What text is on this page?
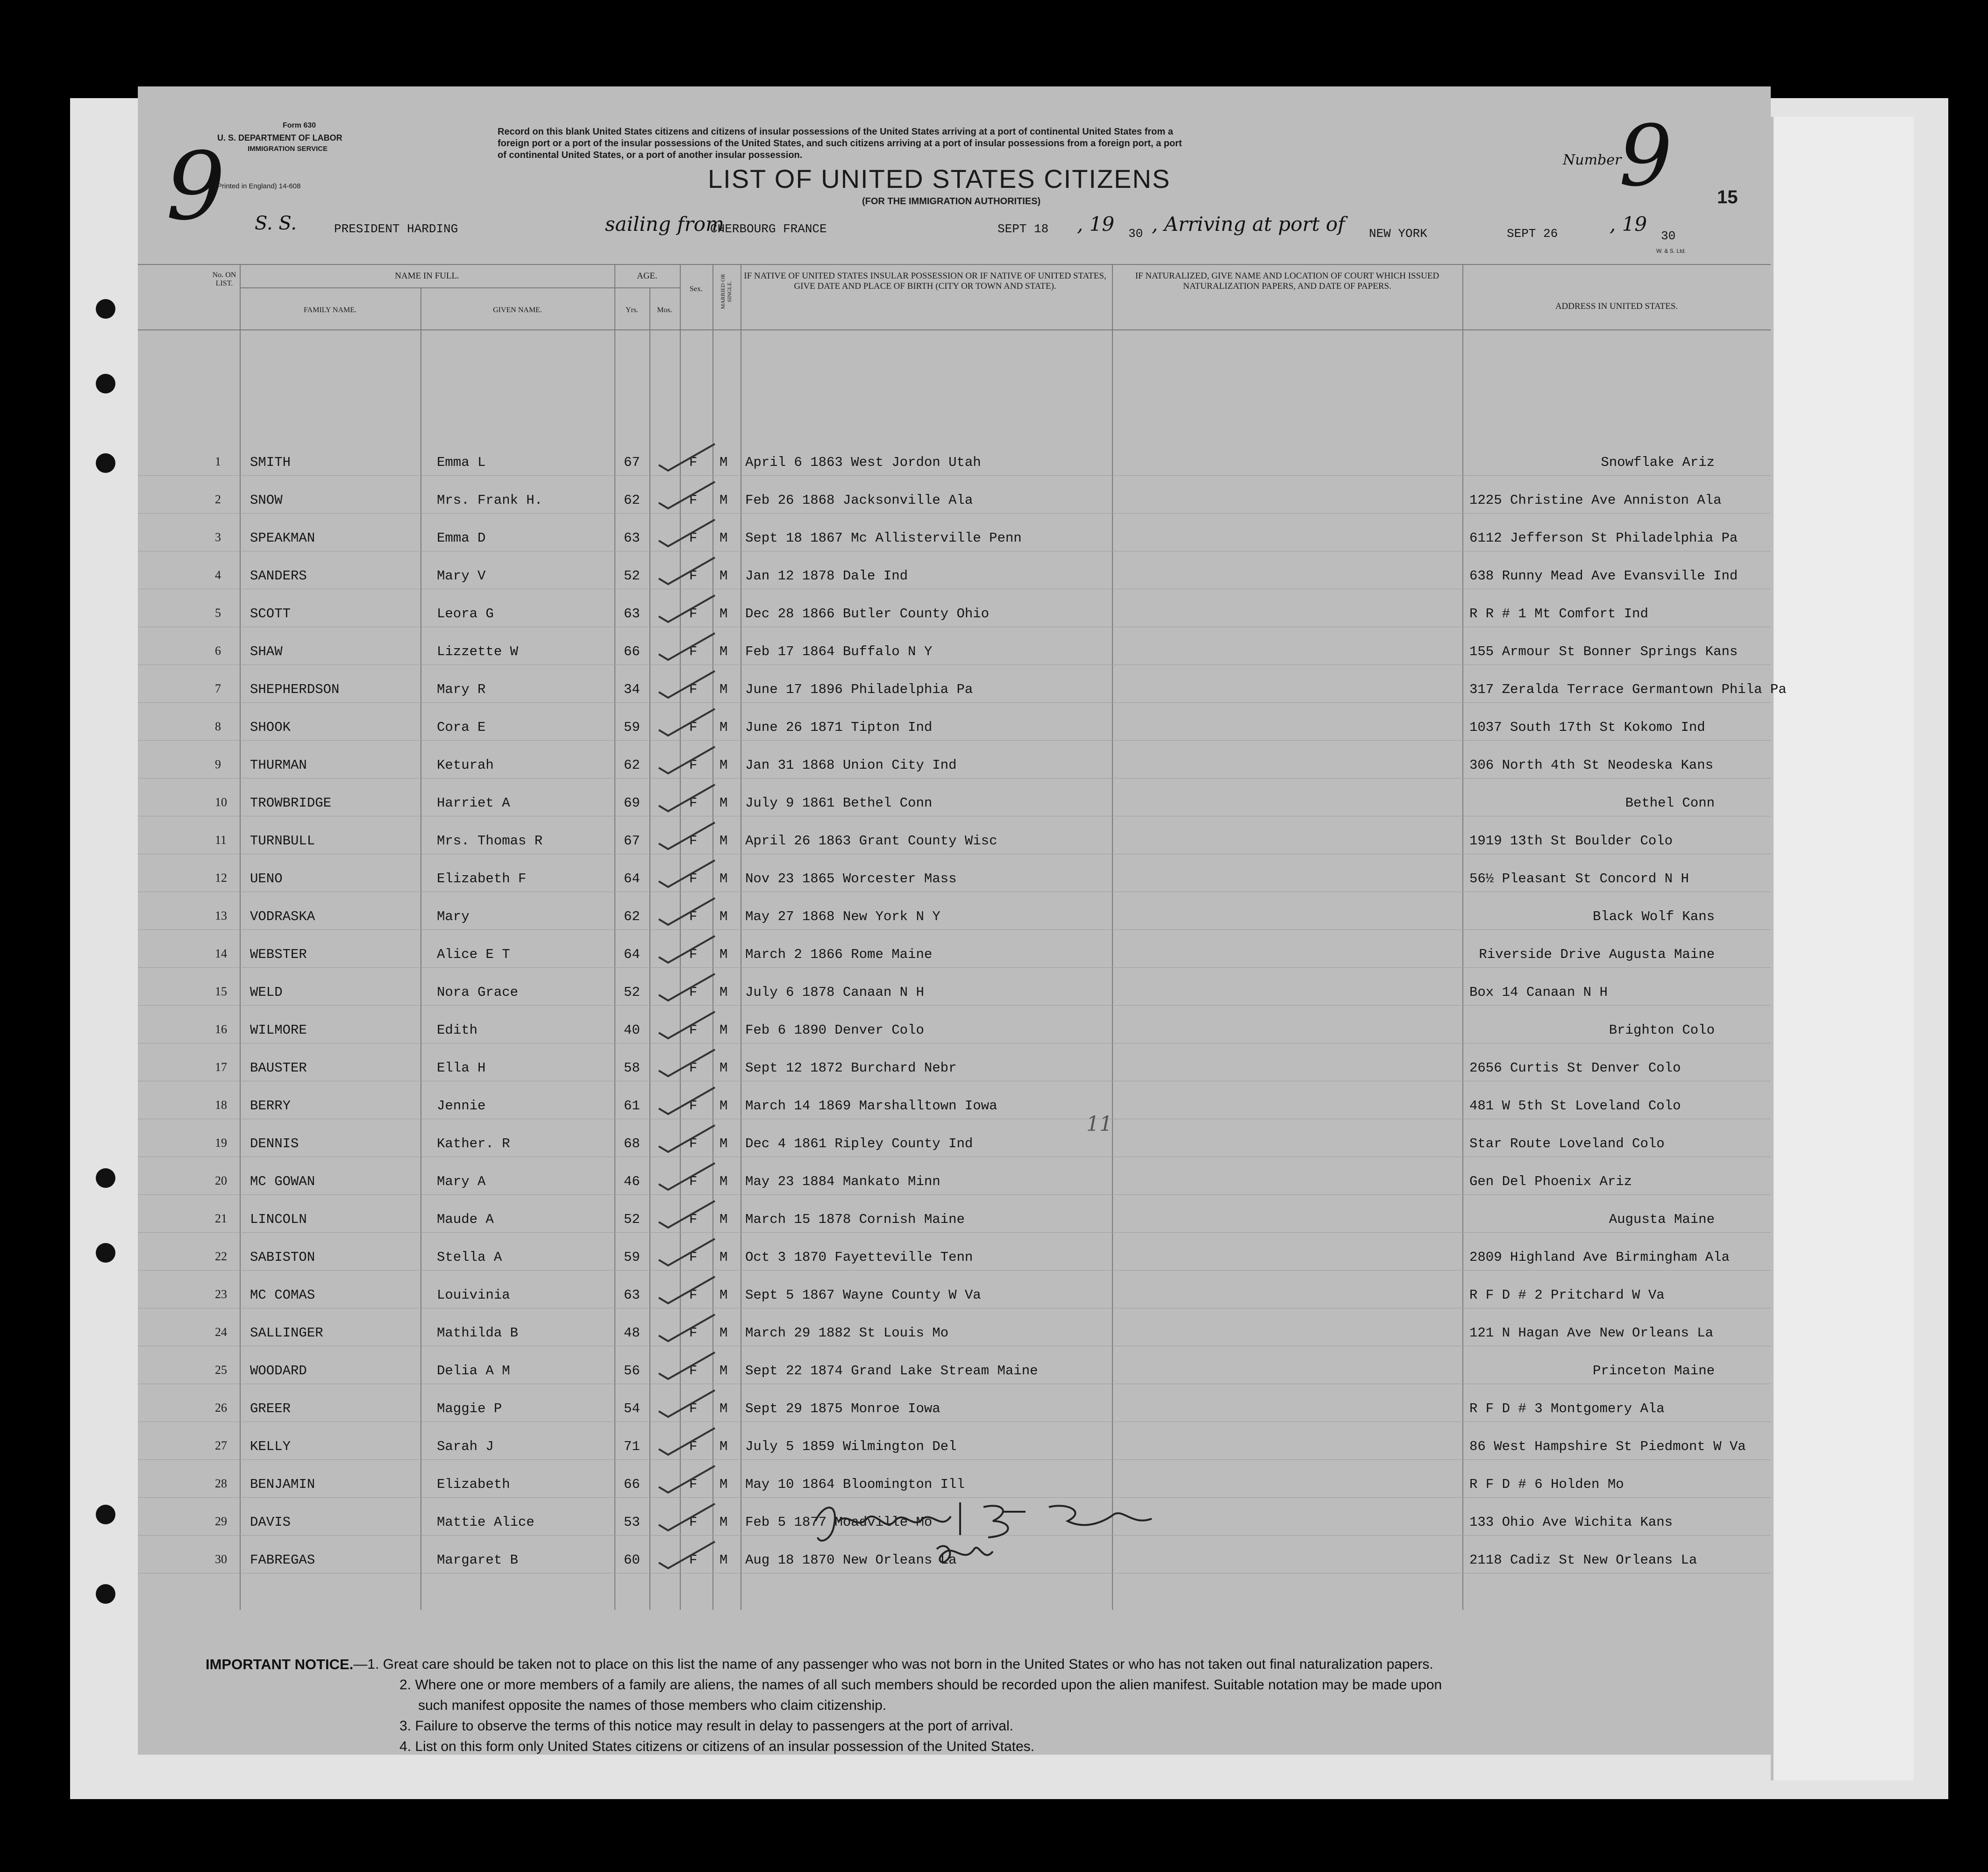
9
Form 630
U. S. DEPARTMENT OF LABOR
IMMIGRATION SERVICE
(Printed in England) 14-608
Record on this blank United States citizens and citizens of insular possessions of the United States arriving at a port of continental United States from a
foreign port or a port of the insular possessions of the United States, and such citizens arriving at a port of insular possessions from a foreign port, a port
of continental United States, or a port of another insular possession.
LIST OF UNITED STATES CITIZENS
(FOR THE IMMIGRATION AUTHORITIES)
Number
9 15
S. S.	PRESIDENT HARDING	sailing from
CHERBOURG FRANCE	SEPT 18 , 19 30 , Arriving at port of NEW YORK	SEPT 26	, 19
30
W. & S. Ltd.
No. ON LIST.
NAME IN FULL.
FAMILY NAME.	GIVEN NAME.
AGE.
Yrs.	Mos.
Sex.	MARRIED OR SINGLE.
IF NATIVE OF UNITED STATES INSULAR POSSESSION OR IF NATIVE OF UNITED STATES, GIVE DATE AND PLACE OF BIRTH (CITY OR TOWN AND STATE).
IF NATURALIZED, GIVE NAME AND LOCATION OF COURT WHICH ISSUED NATURALIZATION PAPERS, AND DATE OF PAPERS.
ADDRESS IN UNITED STATES.
1 SMITH	Emma L	67	F M April 6 1863 West Jordon Utah	Snowflake Ariz
2 SNOW	Mrs. Frank H.	62	F M Feb 26 1868 Jacksonville Ala	1225 Christine Ave Anniston Ala
3 SPEAKMAN	Emma D	63	F M Sept 18 1867 Mc Allisterville Penn	6112 Jefferson St Philadelphia Pa
4 SANDERS	Mary V	52	F M Jan 12 1878 Dale Ind	638 Runny Mead Ave Evansville Ind
5 SCOTT	Leora G	63	F M Dec 28 1866 Butler County Ohio	R R # 1 Mt Comfort Ind
6 SHAW	Lizzette W	66	F M Feb 17 1864 Buffalo N Y	155 Armour St Bonner Springs Kans
7 SHEPHERDSON	Mary R	34	F M June 17 1896 Philadelphia Pa	317 Zeralda Terrace Germantown Phila Pa
8 SHOOK	Cora E	59	F M June 26 1871 Tipton Ind	1037 South 17th St Kokomo Ind
9 THURMAN	Keturah	62	F M Jan 31 1868 Union City Ind	306 North 4th St Neodeska Kans
10 TROWBRIDGE	Harriet A	69	F M July 9 1861 Bethel Conn	Bethel Conn
11 TURNBULL	Mrs. Thomas R	67	F M April 26 1863 Grant County Wisc	1919 13th St Boulder Colo
12 UENO	Elizabeth F	64	F M Nov 23 1865 Worcester Mass	56½ Pleasant St Concord N H
13 VODRASKA	Mary	62	F M May 27 1868 New York N Y	Black Wolf Kans
14 WEBSTER	Alice E T	64	F M March 2 1866 Rome Maine	Riverside Drive Augusta Maine
15 WELD	Nora Grace	52	F M July 6 1878 Canaan N H	Box 14 Canaan N H
16 WILMORE	Edith	40	F M Feb 6 1890 Denver Colo	Brighton Colo
17 BAUSTER	Ella H	58	F M Sept 12 1872 Burchard Nebr	2656 Curtis St Denver Colo
18 BERRY	Jennie	61	F M March 14 1869 Marshalltown Iowa	481 W 5th St Loveland Colo
19 DENNIS	Kather. R	68	F M Dec 4 1861 Ripley County Ind	Star Route Loveland Colo
20 MC GOWAN	Mary A	46	F M May 23 1884 Mankato Minn	Gen Del Phoenix Ariz
21 LINCOLN	Maude A	52	F M March 15 1878 Cornish Maine	Augusta Maine
22 SABISTON	Stella A	59	F M Oct 3 1870 Fayetteville Tenn	2809 Highland Ave Birmingham Ala
23 MC COMAS	Louivinia	63	F M Sept 5 1867 Wayne County W Va	R F D # 2 Pritchard W Va
24 SALLINGER	Mathilda B	48	F M March 29 1882 St Louis Mo	121 N Hagan Ave New Orleans La
25 WOODARD	Delia A M	56	F M Sept 22 1874 Grand Lake Stream Maine	Princeton Maine
26 GREER	Maggie P	54	F M Sept 29 1875 Monroe Iowa	R F D # 3 Montgomery Ala
27 KELLY	Sarah J	71	F M July 5 1859 Wilmington Del	86 West Hampshire St Piedmont W Va
28 BENJAMIN	Elizabeth	66	F M May 10 1864 Bloomington Ill	R F D # 6 Holden Mo
29 DAVIS	Mattie Alice	53	F M Feb 5 1877 Moadville Mo	133 Ohio Ave Wichita Kans
30 FABREGAS	Margaret B	60	F M Aug 18 1870 New Orleans La	2118 Cadiz St New Orleans La
11
IMPORTANT NOTICE. —1. Great care should be taken not to place on this list the name of any passenger who was not born in the United States or who has not taken out final naturalization papers.
2. Where one or more members of a family are aliens, the names of all such members should be recorded upon the alien manifest. Suitable notation may be made upon
such manifest opposite the names of those members who claim citizenship.
3. Failure to observe the terms of this notice may result in delay to passengers at the port of arrival.
4. List on this form only United States citizens or citizens of an insular possession of the United States.
